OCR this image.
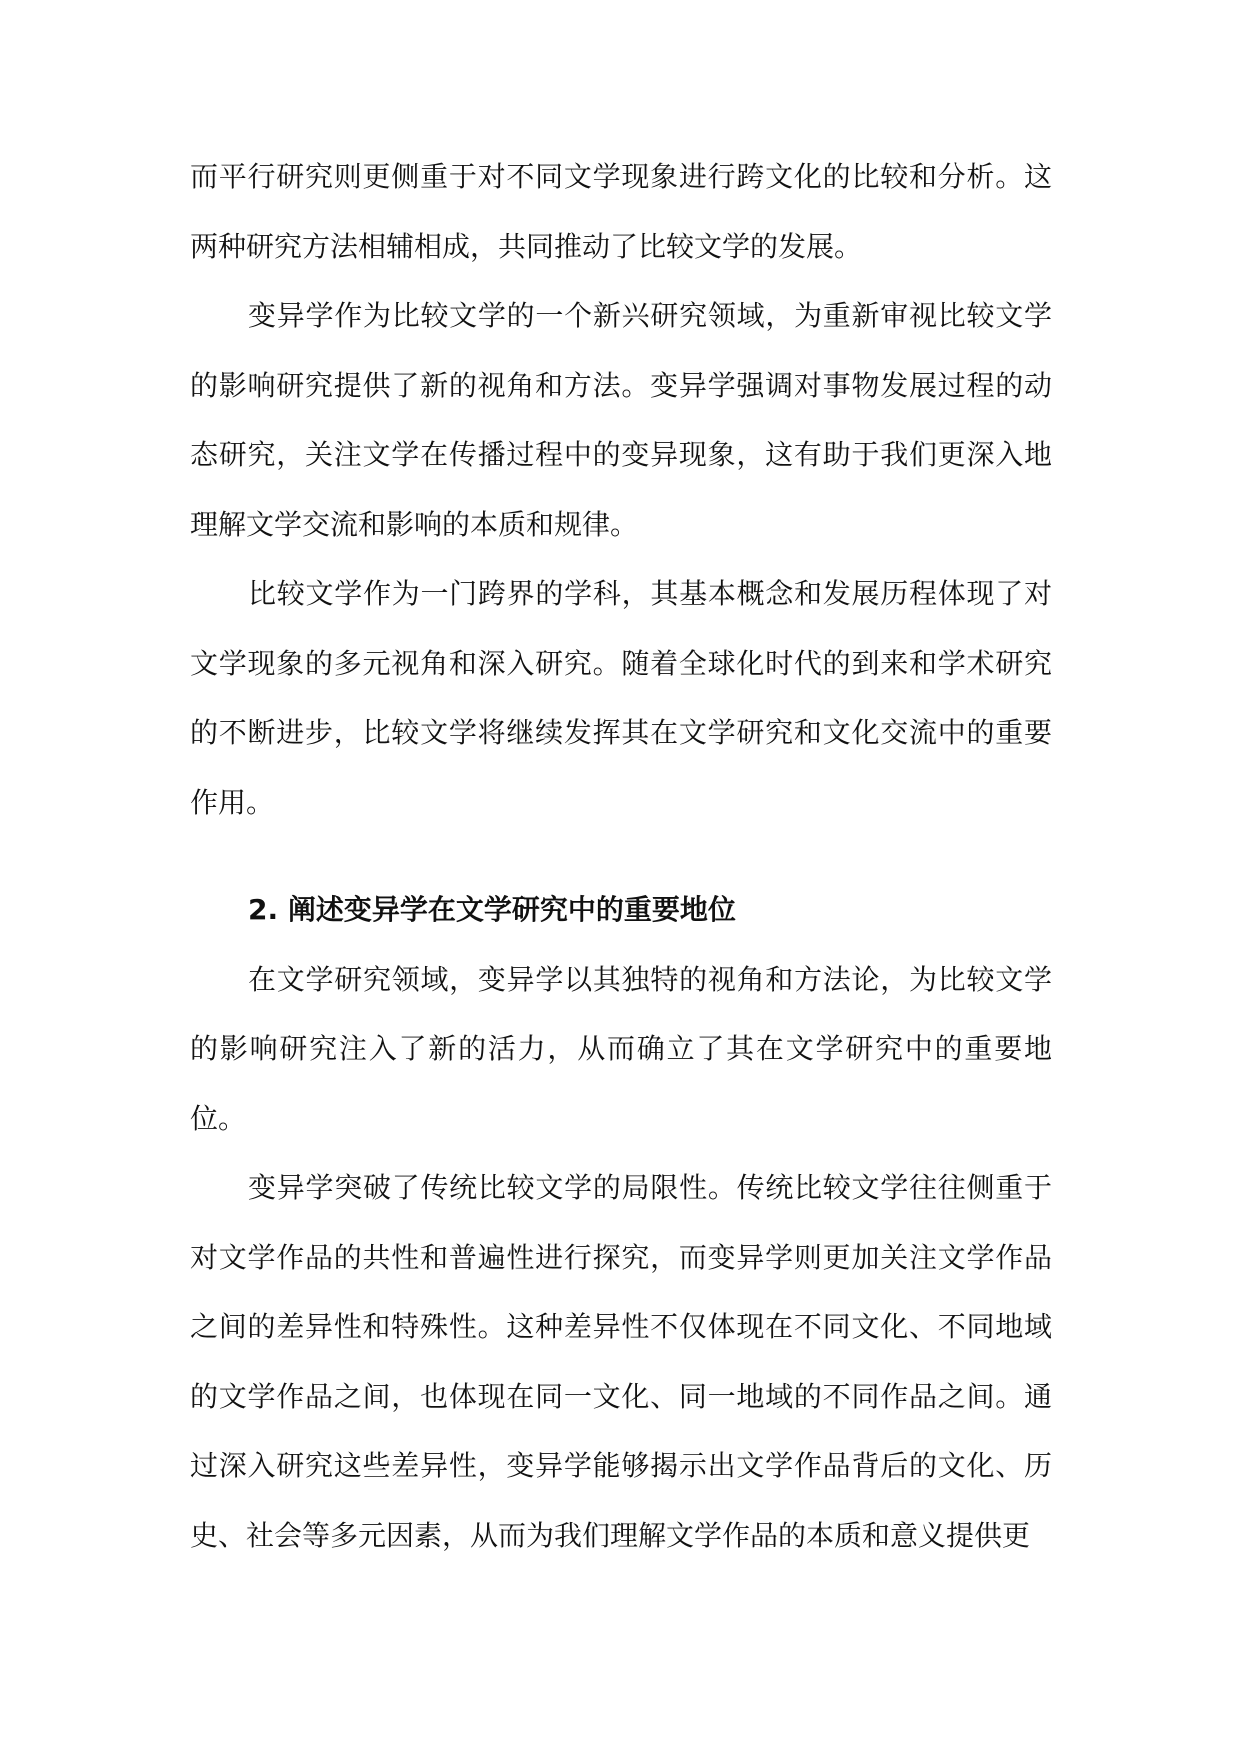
而平行研究则更侧重于对不同文学现象进行跨文化的比较和分析。这两种研究方法相辅相成，共同推动了比较文学的发展。

变异学作为比较文学的一个新兴研究领域，为重新审视比较文学的影响研究提供了新的视角和方法。变异学强调对事物发展过程的动态研究，关注文学在传播过程中的变异现象，这有助于我们更深入地理解文学交流和影响的本质和规律。

比较文学作为一门跨界的学科，其基本概念和发展历程体现了对文学现象的多元视角和深入研究。随着全球化时代的到来和学术研究的不断进步，比较文学将继续发挥其在文学研究和文化交流中的重要作用。

2. 阐述变异学在文学研究中的重要地位

在文学研究领域，变异学以其独特的视角和方法论，为比较文学的影响研究注入了新的活力，从而确立了其在文学研究中的重要地位。

变异学突破了传统比较文学的局限性。传统比较文学往往侧重于对文学作品的共性和普遍性进行探究，而变异学则更加关注文学作品之间的差异性和特殊性。这种差异性不仅体现在不同文化、不同地域的文学作品之间，也体现在同一文化、同一地域的不同作品之间。通过深入研究这些差异性，变异学能够揭示出文学作品背后的文化、历史、社会等多元因素，从而为我们理解文学作品的本质和意义提供更
